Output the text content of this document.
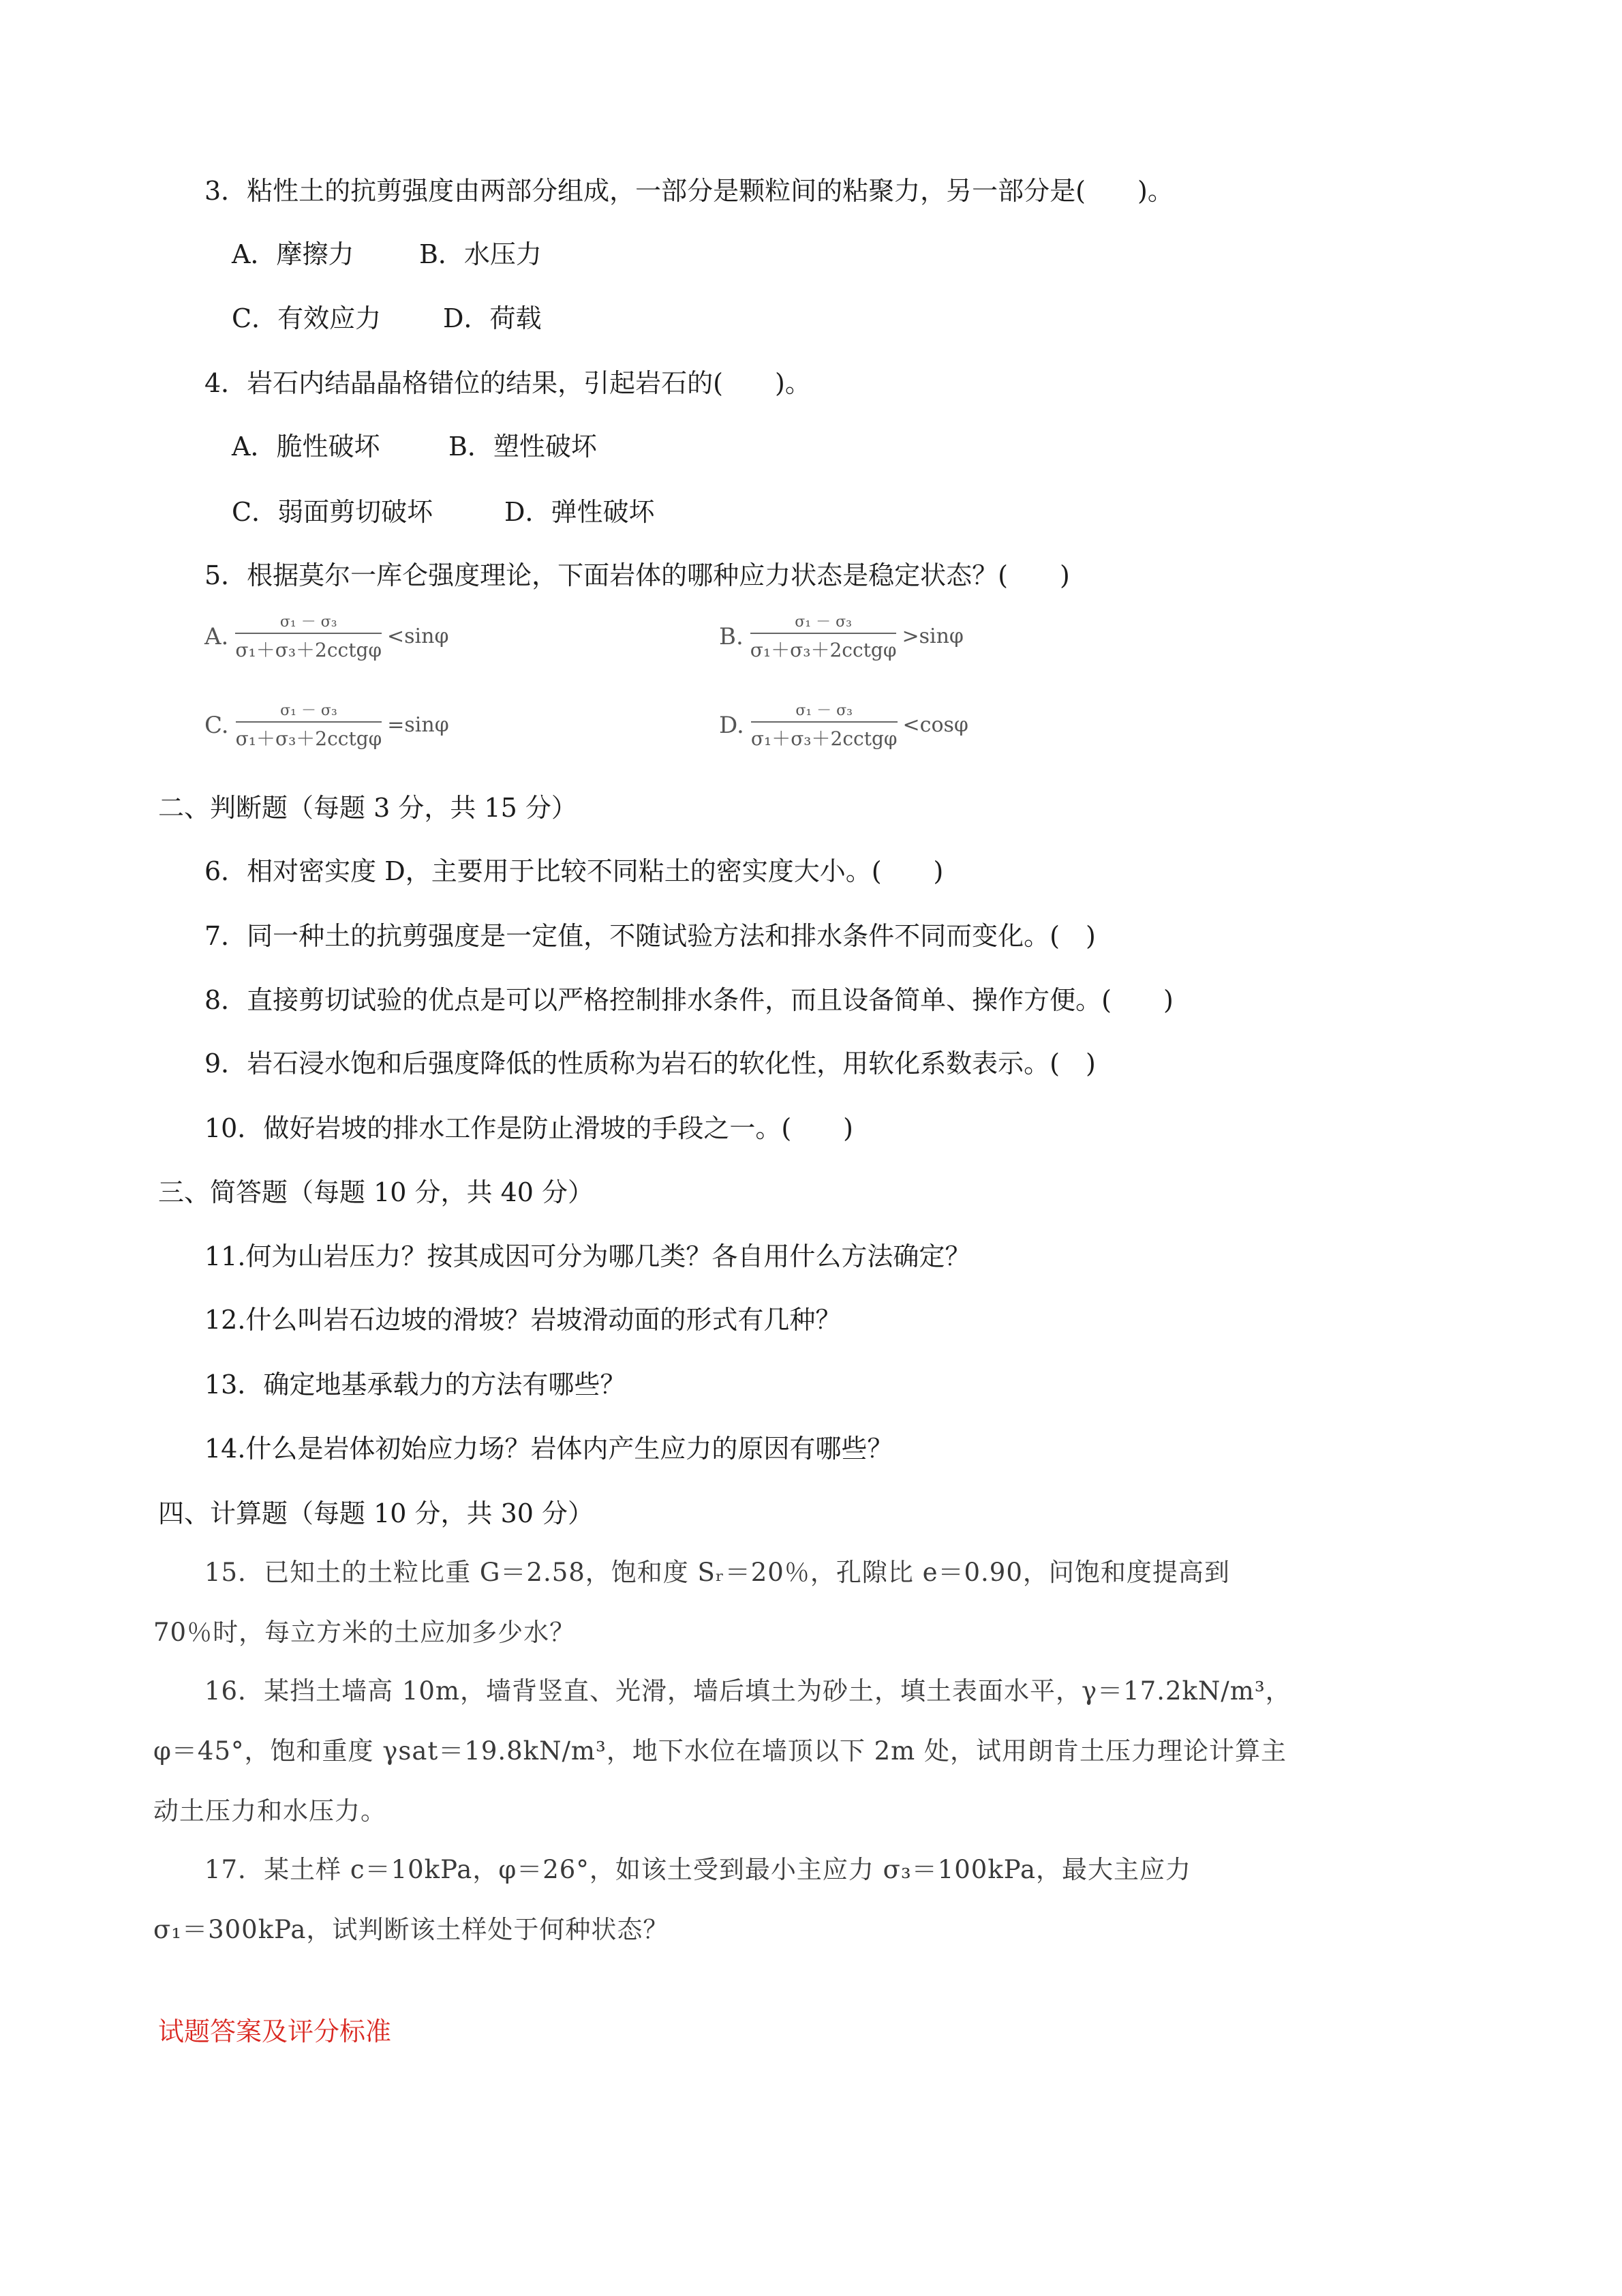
3．粘性土的抗剪强度由两部分组成，一部分是颗粒间的粘聚力，另一部分是(　　)。
A．摩擦力	B．水压力
C．有效应力 D．荷载
4．岩石内结晶晶格错位的结果，引起岩石的(　　)。
A．脆性破坏	B．塑性破坏
C．弱面剪切破坏	D．弹性破坏
5．根据莫尔一库仑强度理论，下面岩体的哪种应力状态是稳定状态？(　　)
A. $\frac{\text{σ₁ － σ₃}}{\text{σ₁＋σ₃＋2cctgφ}} <\sin\varphi$	B. $\frac{\text{σ₁ － σ₃}}{\text{σ₁＋σ₃＋2cctgφ}} >\sin\varphi$
C. $\frac{\text{σ₁ － σ₃}}{\text{σ₁＋σ₃＋2cctgφ}} =\sin\varphi$	D. $\frac{\text{σ₁ － σ₃}}{\text{σ₁＋σ₃＋2cctgφ}} <\cos\varphi$
二、判断题（每题 3 分，共 15 分）
6．相对密实度 D，主要用于比较不同粘土的密实度大小。(　　)
7．同一种土的抗剪强度是一定值，不随试验方法和排水条件不同而变化。(　)
8．直接剪切试验的优点是可以严格控制排水条件，而且设备简单、操作方便。(　　)
9．岩石浸水饱和后强度降低的性质称为岩石的软化性，用软化系数表示。(　)
10．做好岩坡的排水工作是防止滑坡的手段之一。(　　)
三、简答题（每题 10 分，共 40 分）
11.何为山岩压力？按其成因可分为哪几类？各自用什么方法确定？
12.什么叫岩石边坡的滑坡？岩坡滑动面的形式有几种？
13．确定地基承载力的方法有哪些？
14.什么是岩体初始应力场？岩体内产生应力的原因有哪些？
四、计算题（每题 10 分，共 30 分）
15．已知土的土粒比重 G＝2.58，饱和度 Sᵣ＝20％，孔隙比 e＝0.90，问饱和度提高到
70％时，每立方米的土应加多少水？
16．某挡土墙高 10m，墙背竖直、光滑，墙后填土为砂土，填土表面水平，γ＝17.2kN/m³，
φ＝45°，饱和重度 γsat＝19.8kN/m³，地下水位在墙顶以下 2m 处，试用朗肯土压力理论计算主
动土压力和水压力。
17．某土样 c＝10kPa，φ＝26°，如该土受到最小主应力 σ₃＝100kPa，最大主应力
σ₁＝300kPa，试判断该土样处于何种状态？
试题答案及评分标准
